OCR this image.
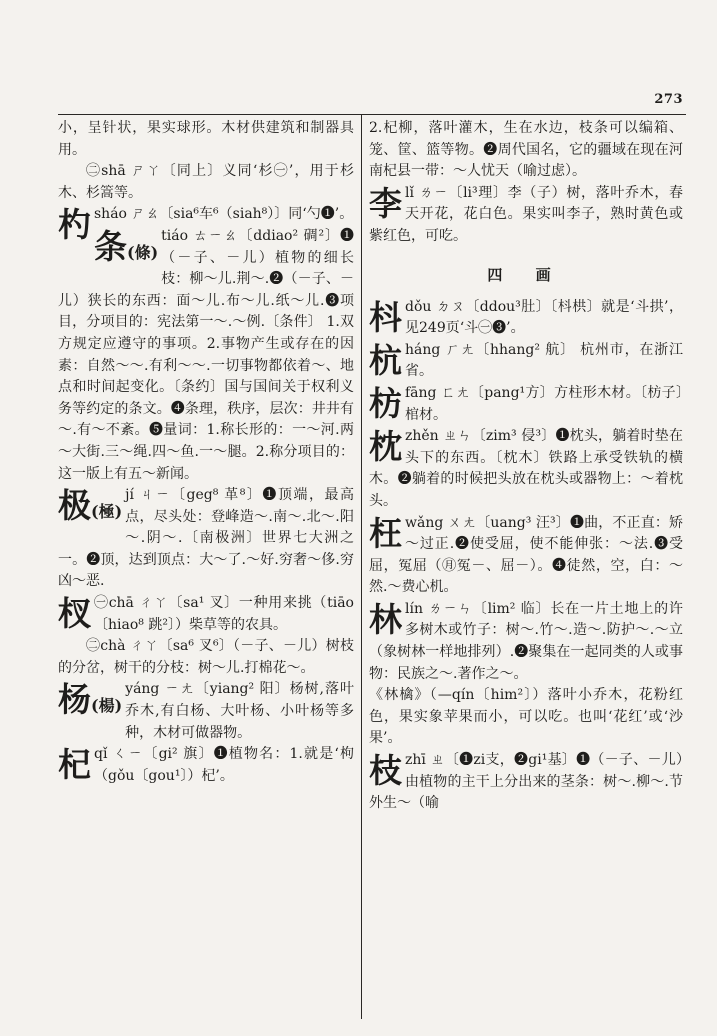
273

小，呈针状，果实球形。木材供建筑和制器具用。

㊁shā ㄕㄚ〔同上〕义同‘杉㊀’，用于杉木、杉篙等。

杓 sháo ㄕㄠ〔sia⁶车⁶（siah⁸）〕同‘勺❶’。

条(條)

tiáo ㄊㄧㄠ〔ddiao² 碉²〕❶（－子、－儿）植物的细长枝：柳～儿.荆～.❷（－子、－儿）狭长的东西：面～儿.布～儿.纸～儿.❸项目，分项目的：宪法第一～.～例.〔条件〕 1.双方规定应遵守的事项。2.事物产生或存在的因素：自然～～.有利～～.一切事物都依着～、地点和时间起变化。〔条约〕国与国间关于权利义务等约定的条文。❹条理，秩序，层次：井井有～.有～不紊。❺量词：1.称长形的：一～河.两～大街.三～绳.四～鱼.一～腿。2.称分项目的：这一版上有五～新闻。

极(極)

jí ㄐㄧ〔geg⁸ 革⁸〕❶顶端，最高点，尽头处：登峰造～.南～.北～.阳～.阴～.〔南极洲〕世界七大洲之一。❷顶，达到顶点：大～了.～好.穷奢～侈.穷凶～恶.

杈 ㊀chā ㄔㄚ〔sa¹ 叉〕一种用来挑（tiāo〔hiao⁸ 跳²〕）柴草等的农具。

㊁chà ㄔㄚ〔sa⁶ 叉⁶〕（－子、－儿）树枝的分岔，树干的分枝：树～儿.打棉花～。

杨(楊)

yáng ㄧㄤ〔yiang² 阳〕杨树,落叶乔木,有白杨、大叶杨、小叶杨等多种，木材可做器物。

杞 qǐ ㄑㄧ〔gi² 旗〕❶植物名：1.就是‘枸（gǒu〔gou¹〕）杞’。

2.杞柳，落叶灌木，生在水边，枝条可以编箱、笼、筐、篮等物。❷周代国名，它的疆域在现在河南杞县一带：～人忧天（喻过虑）。

李 lǐ ㄌㄧ〔li³理〕李（子）树，落叶乔木，春天开花，花白色。果实叫李子，熟时黄色或紫红色，可吃。

四 画
枓 dǒu ㄉㄡ〔ddou³肚〕〔枓栱〕就是‘斗拱’，见249页‘斗㊀❸’。

杭 háng ㄏㄤ〔hhang² 航〕 杭州市，在浙江省。

枋 fāng ㄈㄤ〔pang¹方〕方柱形木材。〔枋子〕棺材。

枕 zhěn ㄓㄣ〔zim³ 侵³〕❶枕头，躺着时垫在头下的东西。〔枕木〕铁路上承受铁轨的横木。❷躺着的时候把头放在枕头或器物上：～着枕头。

枉 wǎng ㄨㄤ〔uang³ 汪³〕❶曲，不正直：矫～过正.❷使受屈，使不能伸张：～法.❸受屈，冤屈（㊊冤－、屈－）。❹徒然，空，白：～然.～费心机。

林 lín ㄌㄧㄣ〔lim² 临〕长在一片土地上的许多树木或竹子：树～.竹～.造～.防护～.～立（象树林一样地排列）.❷聚集在一起同类的人或事物：民族之～.著作之～。

《林檎》（—qín〔him²〕）落叶小乔木，花粉红色，果实象苹果而小，可以吃。也叫‘花红’或‘沙果’。

枝 zhī ㄓ〔❶zi支，❷gi¹基〕❶（－子、－儿）由植物的主干上分出来的茎条：树～.柳～.节外生～（喻
